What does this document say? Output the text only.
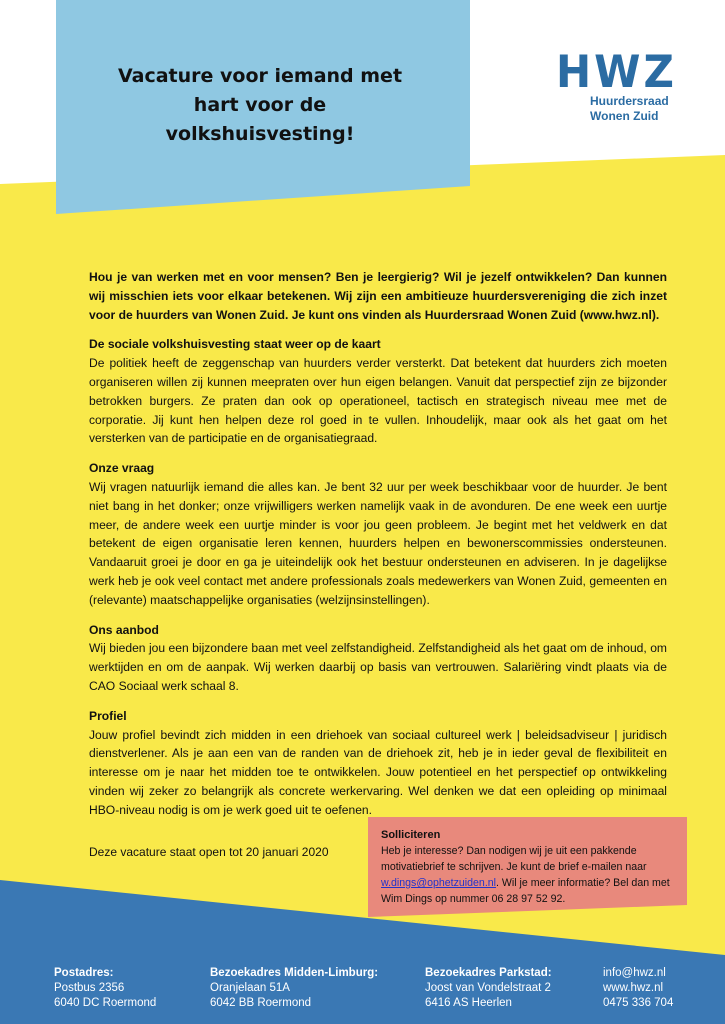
Vacature voor iemand met hart voor de volkshuisvesting!
HWZ
Huurdersraad
Wonen Zuid

Hou je van werken met en voor mensen? Ben je leergierig? Wil je jezelf ontwikkelen? Dan kunnen wij misschien iets voor elkaar betekenen. Wij zijn een ambitieuze huurdersvereniging die zich inzet voor de huurders van Wonen Zuid. Je kunt ons vinden als Huurdersraad Wonen Zuid (www.hwz.nl).

De sociale volkshuisvesting staat weer op de kaart

De politiek heeft de zeggenschap van huurders verder versterkt. Dat betekent dat huurders zich moeten organiseren willen zij kunnen meepraten over hun eigen belangen. Vanuit dat perspectief zijn ze bijzonder betrokken burgers. Ze praten dan ook op operationeel, tactisch en strategisch niveau mee met de corporatie. Jij kunt hen helpen deze rol goed in te vullen. Inhoudelijk, maar ook als het gaat om het versterken van de participatie en de organisatiegraad.

Onze vraag

Wij vragen natuurlijk iemand die alles kan. Je bent 32 uur per week beschikbaar voor de huurder. Je bent niet bang in het donker; onze vrijwilligers werken namelijk vaak in de avonduren. De ene week een uurtje meer, de andere week een uurtje minder is voor jou geen probleem. Je begint met het veldwerk en dat betekent de eigen organisatie leren kennen, huurders helpen en bewonerscommissies ondersteunen. Vandaaruit groei je door en ga je uiteindelijk ook het bestuur ondersteunen en adviseren. In je dagelijkse werk heb je ook veel contact met andere professionals zoals medewerkers van Wonen Zuid, gemeenten en (relevante) maatschappelijke organisaties (welzijnsinstellingen).

Ons aanbod

Wij bieden jou een bijzondere baan met veel zelfstandigheid. Zelfstandigheid als het gaat om de inhoud, om werktijden en om de aanpak. Wij werken daarbij op basis van vertrouwen. Salariëring vindt plaats via de CAO Sociaal werk schaal 8.

Profiel

Jouw profiel bevindt zich midden in een driehoek van sociaal cultureel werk | beleidsadviseur | juridisch dienstverlener. Als je aan een van de randen van de driehoek zit, heb je in ieder geval de flexibiliteit en interesse om je naar het midden toe te ontwikkelen. Jouw potentieel en het perspectief op ontwikkeling vinden wij zeker zo belangrijk als concrete werkervaring. Wel denken we dat een opleiding op minimaal HBO-niveau nodig is om je werk goed uit te oefenen.

Deze vacature staat open tot 20 januari 2020
Solliciteren
Heb je interesse? Dan nodigen wij je uit een pakkende motivatiebrief te schrijven. Je kunt de brief e-mailen naar w.dings@ophetzuiden.nl. Wil je meer informatie? Bel dan met Wim Dings op nummer 06 28 97 52 92.
Postadres:
Postbus 2356
6040 DC Roermond
Bezoekadres Midden-Limburg:
Oranjelaan 51A
6042 BB Roermond
Bezoekadres Parkstad:
Joost van Vondelstraat 2
6416 AS Heerlen
info@hwz.nl
www.hwz.nl
0475 336 704
